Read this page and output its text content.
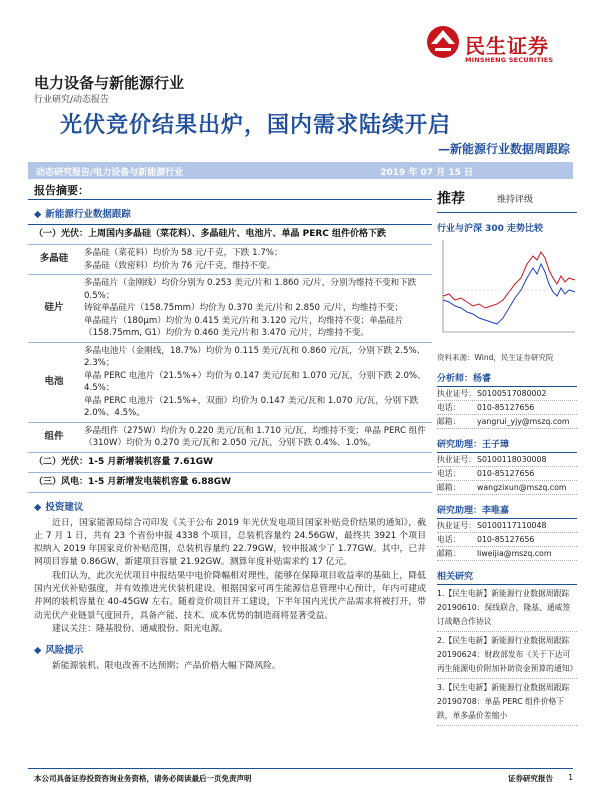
民生证券
MINSHENG SECURITIES
电力设备与新能源行业
行业研究/动态报告
光伏竞价结果出炉，国内需求陆续开启
—新能源行业数据周跟踪
动态研究报告/电力设备与新能源行业	2019 年 07 月 15 日
报告摘要：
◆ 新能源行业数据跟踪
（一）光伏：上周国内多晶硅（菜花料）、多晶硅片、电池片、单晶 PERC 组件价格下跌
多晶硅	多晶硅（菜花料）均价为 58 元/千克，下跌 1.7%；
多晶硅（致密料）均价为 76 元/千克，维持不变。

硅片	多晶硅片（金刚线）均价分别为 0.253 美元/片和 1.860 元/片，分别为维持不变和下跌 0.5%；
铸锭单晶硅片（158.75mm）均价为 0.370 美元/片和 2.850 元/片，均维持不变；
单晶硅片（180μm）均价为 0.415 美元/片和 3.120 元/片，均维持不变；单晶硅片（158.75mm, G1）均价为 0.460 美元/片和 3.470 元/片，均维持不变。

电池	多晶电池片（金刚线，18.7%）均价为 0.115 美元/瓦和 0.860 元/瓦，分别下跌 2.5%、2.3%；
单晶 PERC 电池片（21.5%+）均价为 0.147 美元/瓦和 1.070 元/瓦，分别下跌 2.0%、4.5%；
单晶 PERC 电池片（21.5%+，双面）均价为 0.147 美元/瓦和 1.070 元/瓦，分别下跌 2.0%、4.5%。

组件	多晶组件（275W）均价为 0.220 美元/瓦和 1.710 元/瓦，均维持不变；单晶 PERC 组件（310W）均价为 0.270 美元/瓦和 2.050 元/瓦，分别下跌 0.4%、1.0%。
（二）光伏：1-5 月新增装机容量 7.61GW
（三）风电：1-5 月新增发电装机容量 6.88GW
◆ 投资建议
近日，国家能源局综合司印发《关于公布 2019 年光伏发电项目国家补贴竞价结果的通知》，截止 7 月 1 日，共有 23 个省份申报 4338 个项目，总装机容量约 24.56GW，最终共 3921 个项目拟纳入 2019 年国家竞价补贴范围，总装机容量约 22.79GW，较申报减少了 1.77GW。其中，已并网项目容量 0.86GW，新建项目容量 21.92GW。测算年度补贴需求约 17 亿元。
我们认为，此次光伏项目申报结果中电价降幅相对理性，能够在保障项目收益率的基础上，降低国内光伏补贴强度，并有效推进光伏装机建设。根据国家可再生能源信息管理中心预计，年内可建成并网的装机容量在 40-45GW 左右。随着竞价项目开工建设，下半年国内光伏产品需求将被打开，带动光伏产业链景气度回升，具备产能、技术、成本优势的制造商将显著受益。
建议关注：隆基股份、通威股份、阳光电源。
◆ 风险提示
新能源装机、限电改善不达预期；产品价格大幅下降风险。
推荐	维持评级
行业与沪深 300 走势比较
资料来源：Wind，民生证券研究院
分析师：杨睿
执业证号： S0100517080002
电话：	010-85127656
邮箱：	yangrui_yjy@mszq.com
研究助理：王子璋
执业证号： S0100118030008
电话：	010-85127656
邮箱：	wangzixun@mszq.com
研究助理：李唯嘉
执业证号： S0100117110048
电话：	010-85127656
邮箱：	liweijia@mszq.com
相关研究
1.【民生电新】新能源行业数据周跟踪 20190610：保线联合，隆基、通威签订战略合作协议
2.【民生电新】新能源行业数据周跟踪 20190624：财政部发布《关于下达可再生能源电价附加补助资金预算的通知》
3.【民生电新】新能源行业数据周跟踪 20190708：单晶 PERC 组件价格下跌，单多晶价差缩小
本公司具备证券投资咨询业务资格，请务必阅读最后一页免责声明	证券研究报告 1
